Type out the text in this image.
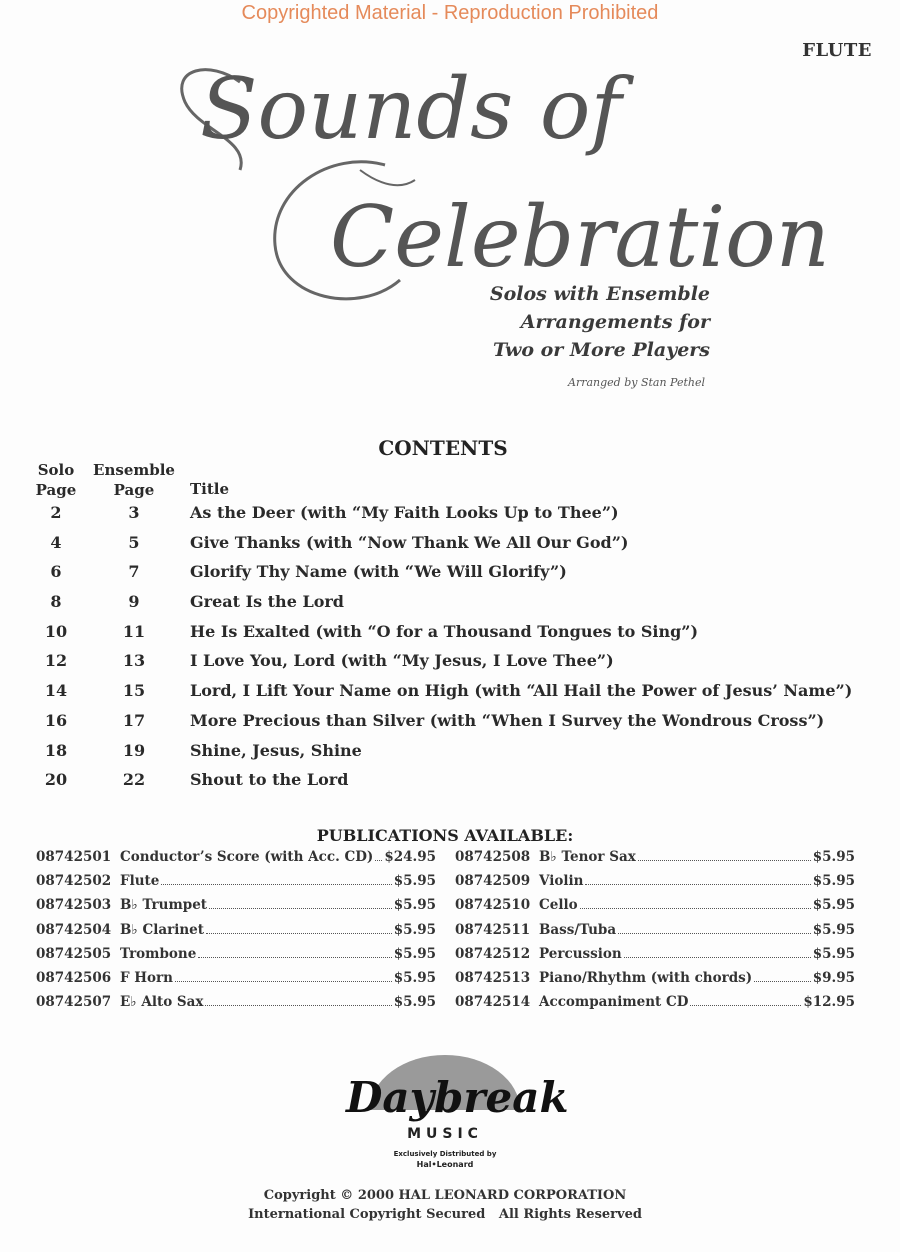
Copyrighted Material - Reproduction Prohibited
FLUTE
Sounds of
Celebration
Solos with Ensemble
Arrangements for
Two or More Players
Arranged by Stan Pethel
CONTENTS
Solo
Page
Ensemble
Page	Title
2	3	As the Deer (with “My Faith Looks Up to Thee”)
4	5	Give Thanks (with “Now Thank We All Our God”)
6	7	Glorify Thy Name (with “We Will Glorify”)
8	9	Great Is the Lord
10	11	He Is Exalted (with “O for a Thousand Tongues to Sing”)
12	13	I Love You, Lord (with “My Jesus, I Love Thee”)
14	15	Lord, I Lift Your Name on High (with “All Hail the Power of Jesus’ Name”)
16	17	More Precious than Silver (with “When I Survey the Wondrous Cross”)
18	19	Shine, Jesus, Shine
20	22	Shout to the Lord
PUBLICATIONS AVAILABLE:
08742501 Conductor’s Score (with Acc. CD) $24.95
08742502 Flute	$5.95
08742503 B♭ Trumpet	$5.95
08742504 B♭ Clarinet	$5.95
08742505 Trombone	$5.95
08742506 F Horn	$5.95
08742507 E♭ Alto Sax	$5.95
08742508 B♭ Tenor Sax	$5.95
08742509 Violin	$5.95
08742510 Cello	$5.95
08742511 Bass/Tuba	$5.95
08742512 Percussion	$5.95
08742513 Piano/Rhythm (with chords)	$9.95
08742514 Accompaniment CD	$12.95
Daybreak
MUSIC
Exclusively Distributed by
Hal•Leonard
Copyright © 2000 HAL LEONARD CORPORATION
International Copyright Secured   All Rights Reserved
